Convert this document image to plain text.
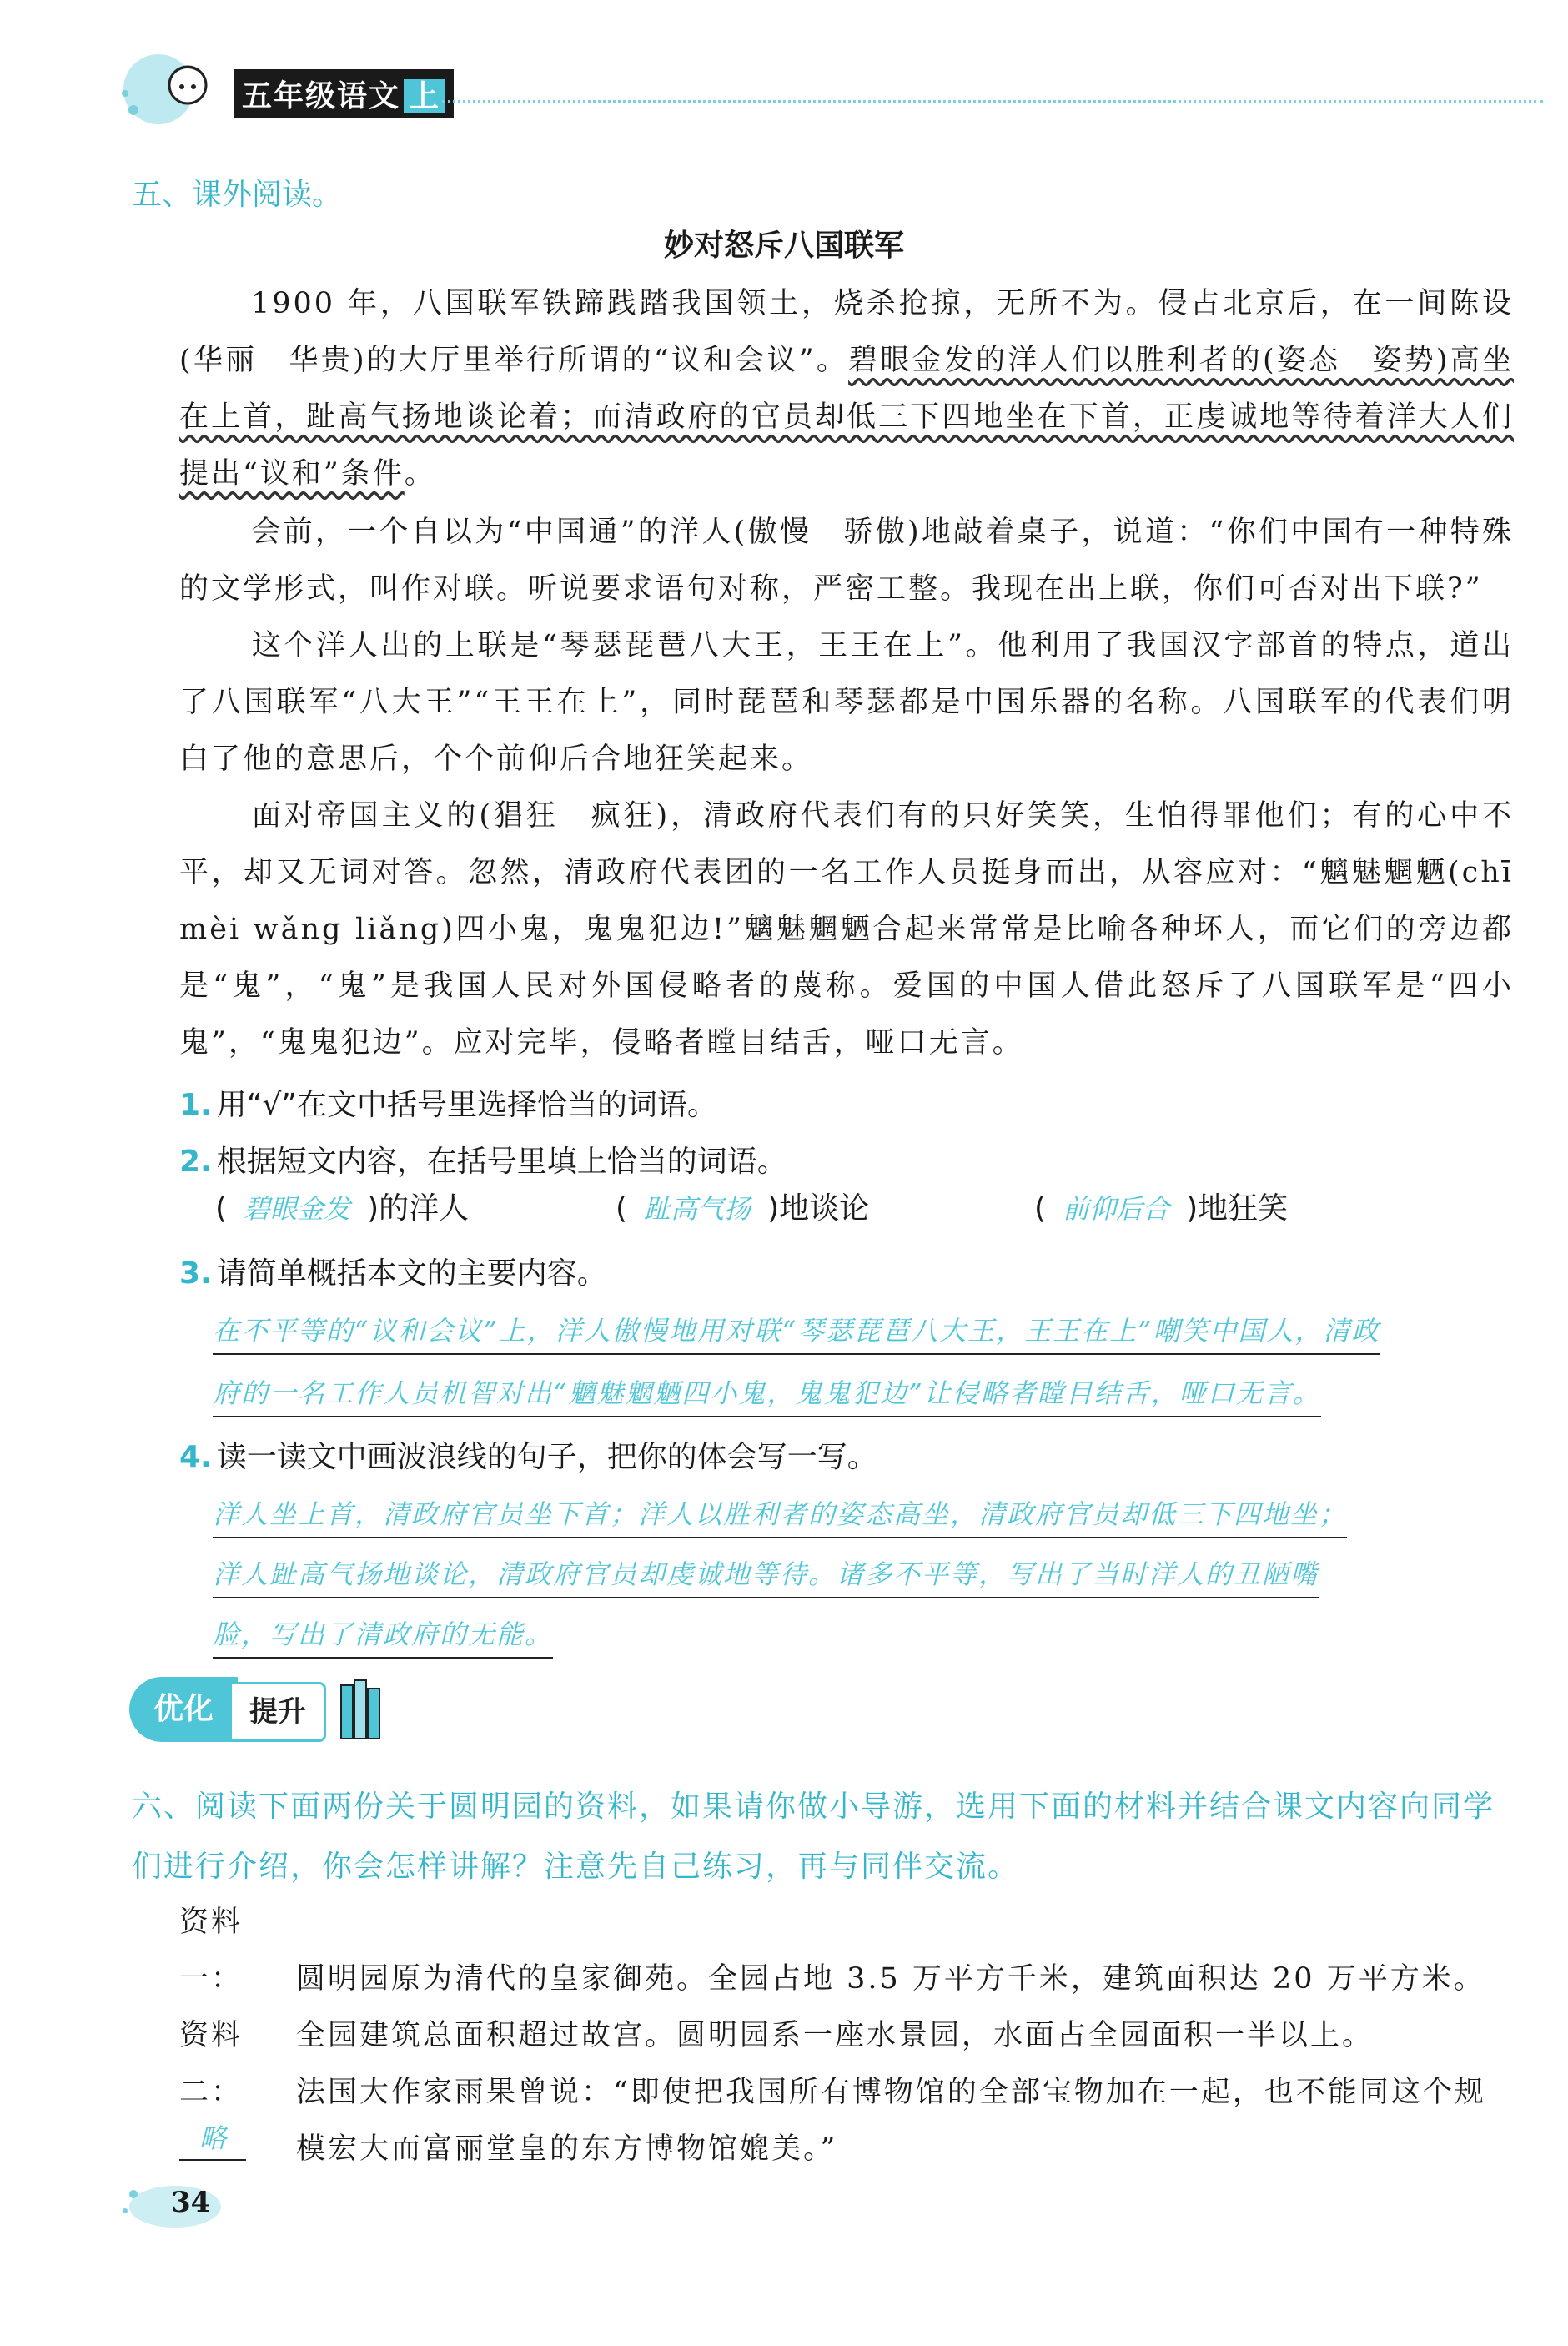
五年级语文 上
五、课外阅读。
妙对怒斥八国联军
1900 年，八国联军铁蹄践踏我国领土，烧杀抢掠，无所不为。侵占北京后，在一间陈设(华丽　华贵)的大厅里举行所谓的“议和会议”。碧眼金发的洋人们以胜利者的(姿态　姿势)高坐在上首，趾高气扬地谈论着；而清政府的官员却低三下四地坐在下首，正虔诚地等待着洋大人们提出“议和”条件。
会前，一个自以为“中国通”的洋人(傲慢　骄傲)地敲着桌子，说道：“你们中国有一种特殊的文学形式，叫作对联。听说要求语句对称，严密工整。我现在出上联，你们可否对出下联?”
这个洋人出的上联是“琴瑟琵琶八大王，王王在上”。他利用了我国汉字部首的特点，道出了八国联军“八大王”“王王在上”，同时琵琶和琴瑟都是中国乐器的名称。八国联军的代表们明白了他的意思后，个个前仰后合地狂笑起来。
面对帝国主义的(猖狂　疯狂)，清政府代表们有的只好笑笑，生怕得罪他们；有的心中不平，却又无词对答。忽然，清政府代表团的一名工作人员挺身而出，从容应对：“魑魅魍魉(chī mèi wǎng liǎng)四小鬼，鬼鬼犯边!”魑魅魍魉合起来常常是比喻各种坏人，而它们的旁边都是“鬼”，“鬼”是我国人民对外国侵略者的蔑称。爱国的中国人借此怒斥了八国联军是“四小鬼”，“鬼鬼犯边”。应对完毕，侵略者瞠目结舌，哑口无言。
1. 用“√”在文中括号里选择恰当的词语。
2. 根据短文内容，在括号里填上恰当的词语。
( 碧眼金发 )的洋人	( 趾高气扬 )地谈论	( 前仰后合 )地狂笑
3. 请简单概括本文的主要内容。
在不平等的“议和会议”上，洋人傲慢地用对联“琴瑟琵琶八大王，王王在上”嘲笑中国人，清政
府的一名工作人员机智对出“魑魅魍魉四小鬼，鬼鬼犯边”让侵略者瞠目结舌，哑口无言。
4. 读一读文中画波浪线的句子，把你的体会写一写。
洋人坐上首，清政府官员坐下首；洋人以胜利者的姿态高坐，清政府官员却低三下四地坐；
洋人趾高气扬地谈论，清政府官员却虔诚地等待。诸多不平等，写出了当时洋人的丑陋嘴
脸，写出了清政府的无能。
优化	提升
六、阅读下面两份关于圆明园的资料，如果请你做小导游，选用下面的材料并结合课文内容向同学们进行介绍，你会怎样讲解？注意先自己练习，再与同伴交流。
资料一：	圆明园原为清代的皇家御苑。全园占地 3.5 万平方千米，建筑面积达 20 万平方米。全园建筑总面积超过故宫。圆明园系一座水景园，水面占全园面积一半以上。
资料二：	法国大作家雨果曾说：“即使把我国所有博物馆的全部宝物加在一起，也不能同这个规模宏大而富丽堂皇的东方博物馆媲美。”
略
34
